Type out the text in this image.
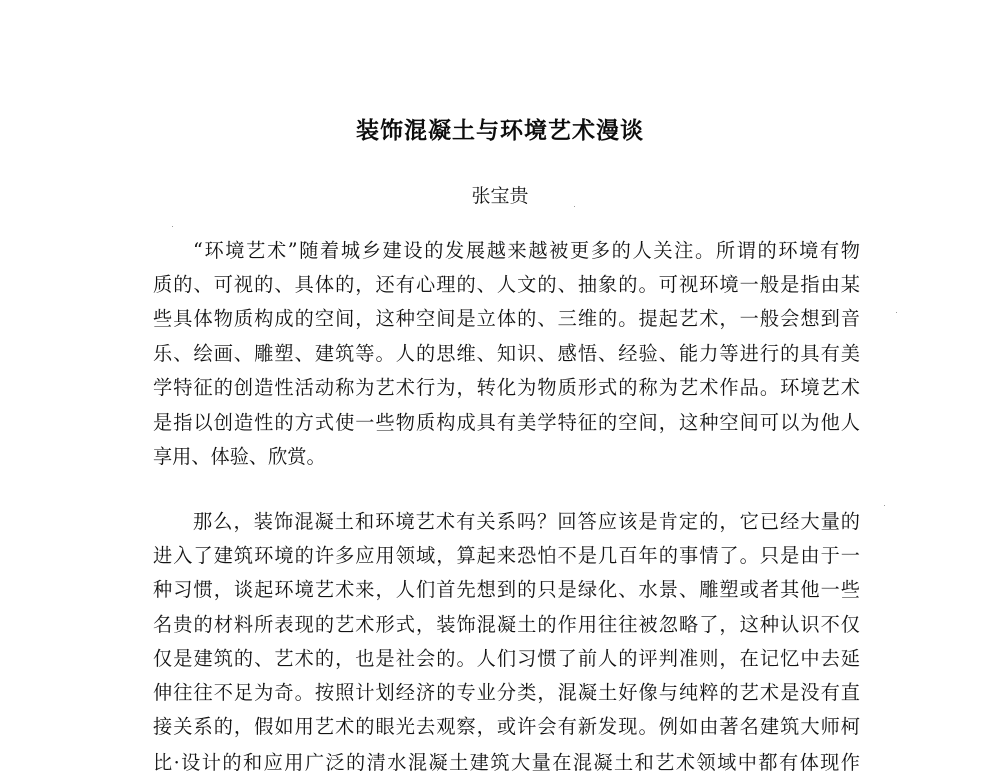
装饰混凝土与环境艺术漫谈
张宝贵
“环境艺术”随着城乡建设的发展越来越被更多的人关注。所谓的环境有物
质的、可视的、具体的，还有心理的、人文的、抽象的。可视环境一般是指由某
些具体物质构成的空间，这种空间是立体的、三维的。提起艺术，一般会想到音
乐、绘画、雕塑、建筑等。人的思维、知识、感悟、经验、能力等进行的具有美
学特征的创造性活动称为艺术行为，转化为物质形式的称为艺术作品。环境艺术
是指以创造性的方式使一些物质构成具有美学特征的空间，这种空间可以为他人
享用、体验、欣赏。
那么，装饰混凝土和环境艺术有关系吗？回答应该是肯定的，它已经大量的
进入了建筑环境的许多应用领域，算起来恐怕不是几百年的事情了。只是由于一
种习惯，谈起环境艺术来，人们首先想到的只是绿化、水景、雕塑或者其他一些
名贵的材料所表现的艺术形式，装饰混凝土的作用往往被忽略了，这种认识不仅
仅是建筑的、艺术的，也是社会的。人们习惯了前人的评判准则，在记忆中去延
伸往往不足为奇。按照计划经济的专业分类，混凝土好像与纯粹的艺术是没有直
接关系的，假如用艺术的眼光去观察，或许会有新发现。例如由著名建筑大师柯
比·设计的和应用广泛的清水混凝土建筑大量在混凝土和艺术领域中都有体现作
